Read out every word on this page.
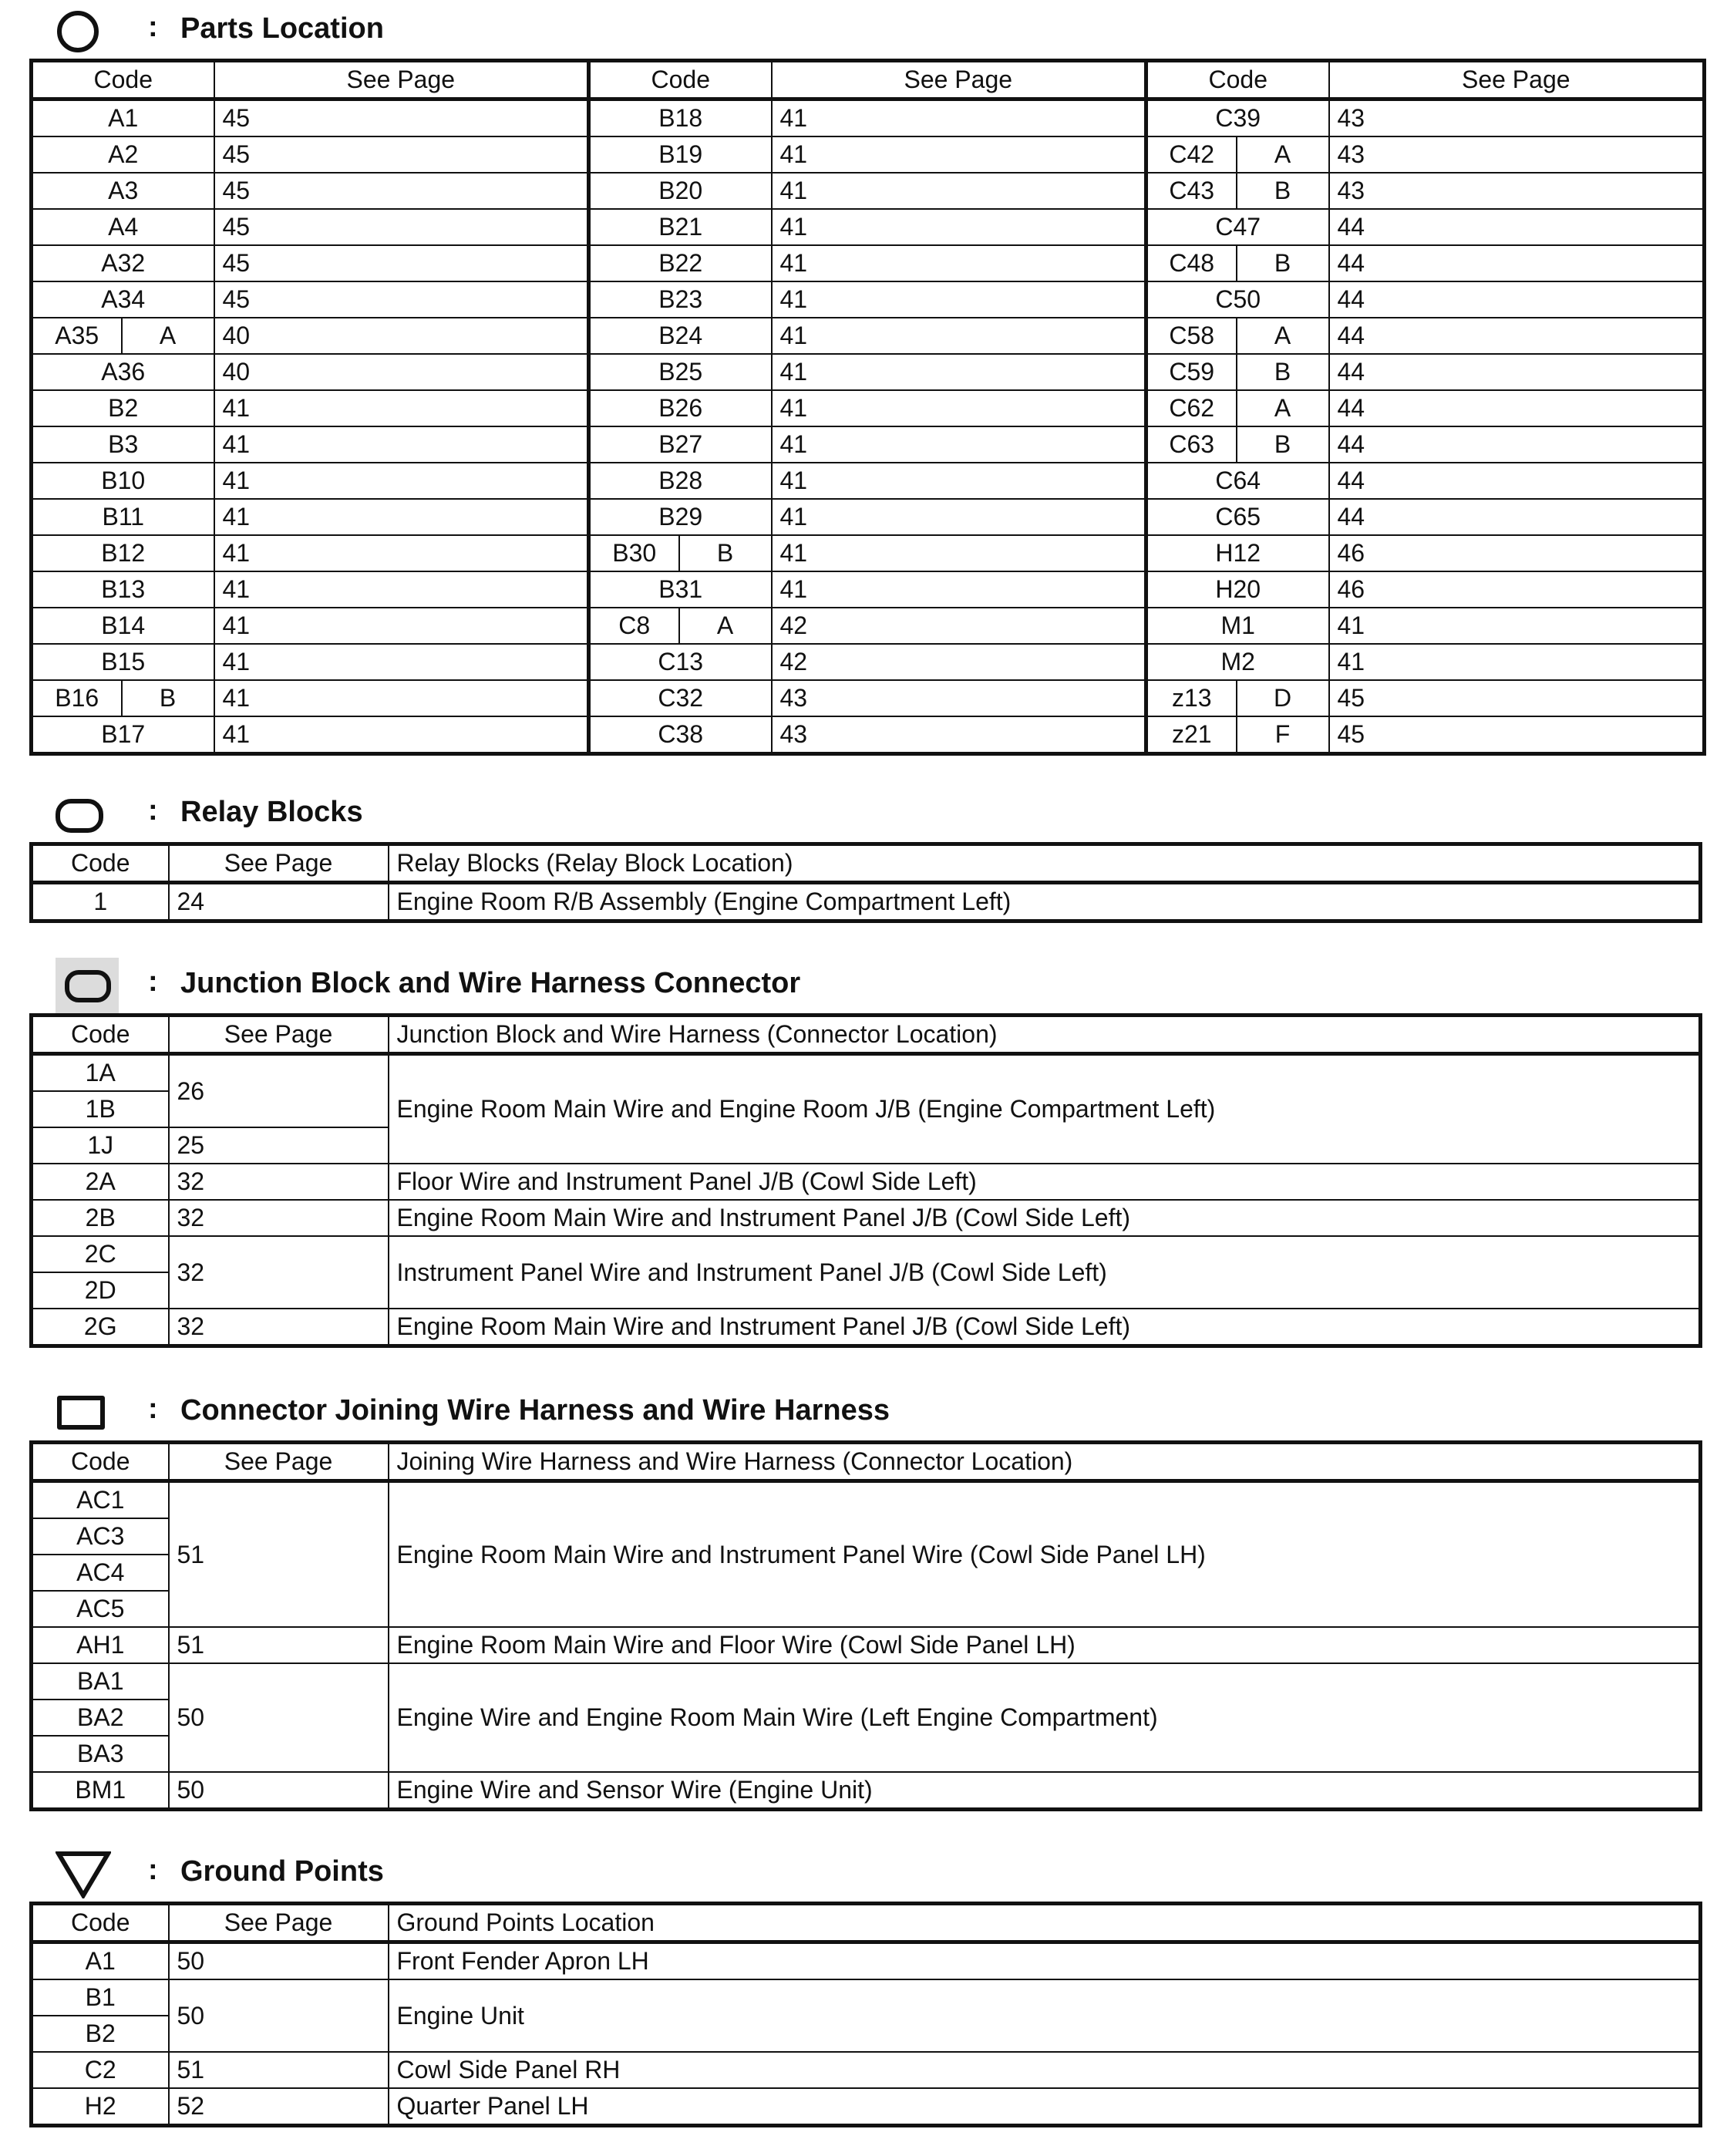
: Parts Location
Code		See Page	Code		See Page	Code		See Page
A1		45	B18		41	C39		43
A2		45	B19		41	C42	A	43
A3		45	B20		41	C43	B	43
A4		45	B21		41	C47		44
A32		45	B22		41	C48	B	44
A34		45	B23		41	C50		44
A35	A	40	B24		41	C58	A	44
A36		40	B25		41	C59	B	44
B2		41	B26		41	C62	A	44
B3		41	B27		41	C63	B	44
B10		41	B28		41	C64		44
B11		41	B29		41	C65		44
B12		41	B30	B	41	H12		46
B13		41	B31		41	H20		46
B14		41	C8	A	42	M1		41
B15		41	C13		42	M2		41
B16	B	41	C32		43	z13	D	45
B17		41	C38		43	z21	F	45
: Relay Blocks
Code	See Page	Relay Blocks (Relay Block Location)
1	24	Engine Room R/B Assembly (Engine Compartment Left)
: Junction Block and Wire Harness Connector
Code	See Page	Junction Block and Wire Harness (Connector Location)
1A	26	Engine Room Main Wire and Engine Room J/B (Engine Compartment Left)
1B		
1J	25	
2A	32	Floor Wire and Instrument Panel J/B (Cowl Side Left)
2B	32	Engine Room Main Wire and Instrument Panel J/B (Cowl Side Left)
2C	32	Instrument Panel Wire and Instrument Panel J/B (Cowl Side Left)
2D		
2G	32	Engine Room Main Wire and Instrument Panel J/B (Cowl Side Left)
: Connector Joining Wire Harness and Wire Harness
Code	See Page	Joining Wire Harness and Wire Harness (Connector Location)
AC1	51	Engine Room Main Wire and Instrument Panel Wire (Cowl Side Panel LH)
AC3		
AC4		
AC5		
AH1	51	Engine Room Main Wire and Floor Wire (Cowl Side Panel LH)
BA1	50	Engine Wire and Engine Room Main Wire (Left Engine Compartment)
BA2		
BA3		
BM1	50	Engine Wire and Sensor Wire (Engine Unit)
: Ground Points
Code	See Page	Ground Points Location
A1	50	Front Fender Apron LH
B1	50	Engine Unit
B2		
C2	51	Cowl Side Panel RH
H2	52	Quarter Panel LH
